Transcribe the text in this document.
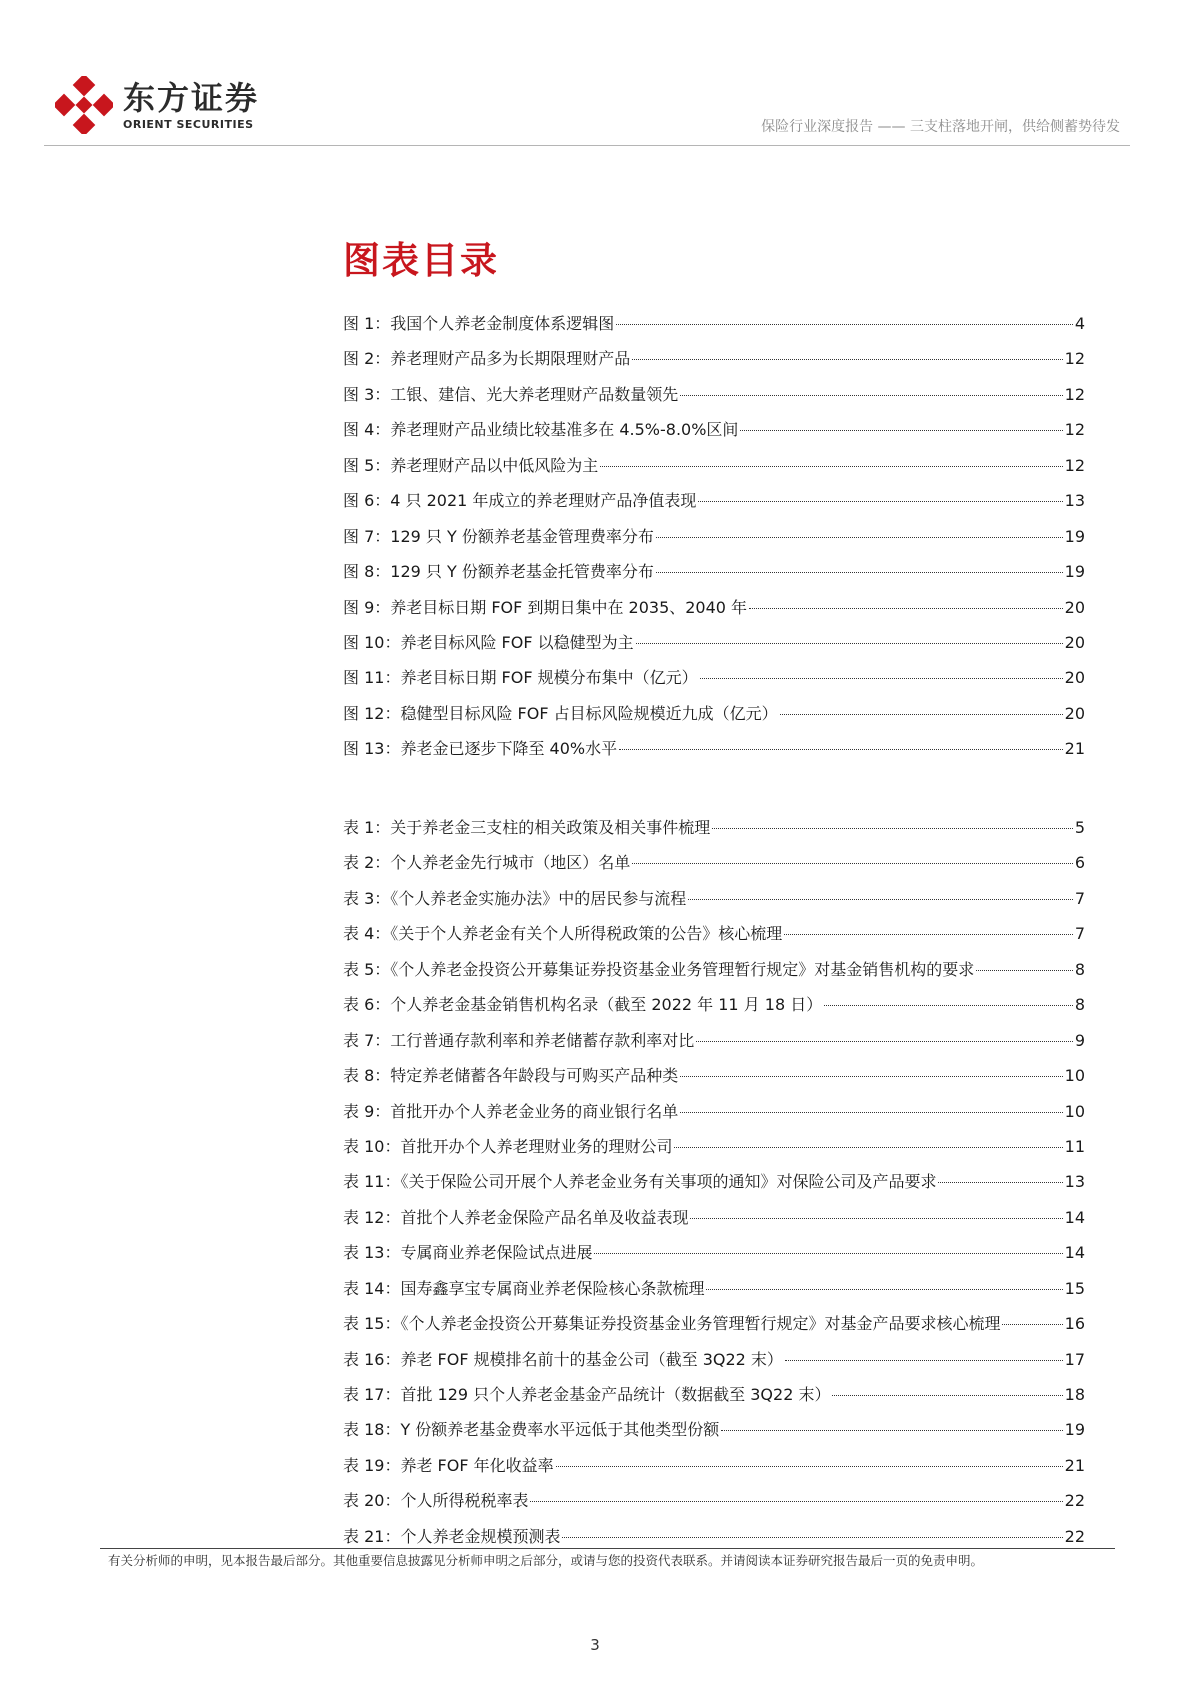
东方证券
ORIENT SECURITIES	保险行业深度报告 —— 三支柱落地开闸，供给侧蓄势待发
图表目录
图 1：我国个人养老金制度体系逻辑图	4
图 2：养老理财产品多为长期限理财产品	12
图 3：工银、建信、光大养老理财产品数量领先	12
图 4：养老理财产品业绩比较基准多在 4.5%-8.0%区间	12
图 5：养老理财产品以中低风险为主	12
图 6：4 只 2021 年成立的养老理财产品净值表现	13
图 7：129 只 Y 份额养老基金管理费率分布	19
图 8：129 只 Y 份额养老基金托管费率分布	19
图 9：养老目标日期 FOF 到期日集中在 2035、2040 年	20
图 10：养老目标风险 FOF 以稳健型为主	20
图 11：养老目标日期 FOF 规模分布集中（亿元）	20
图 12：稳健型目标风险 FOF 占目标风险规模近九成（亿元）	20
图 13：养老金已逐步下降至 40%水平	21
表 1：关于养老金三支柱的相关政策及相关事件梳理	5
表 2：个人养老金先行城市（地区）名单	6
表 3：《个人养老金实施办法》中的居民参与流程	7
表 4：《关于个人养老金有关个人所得税政策的公告》核心梳理	7
表 5：《个人养老金投资公开募集证券投资基金业务管理暂行规定》对基金销售机构的要求	8
表 6：个人养老金基金销售机构名录（截至 2022 年 11 月 18 日）	8
表 7：工行普通存款利率和养老储蓄存款利率对比	9
表 8：特定养老储蓄各年龄段与可购买产品种类	10
表 9：首批开办个人养老金业务的商业银行名单	10
表 10：首批开办个人养老理财业务的理财公司	11
表 11：《关于保险公司开展个人养老金业务有关事项的通知》对保险公司及产品要求	13
表 12：首批个人养老金保险产品名单及收益表现	14
表 13：专属商业养老保险试点进展	14
表 14：国寿鑫享宝专属商业养老保险核心条款梳理	15
表 15：《个人养老金投资公开募集证券投资基金业务管理暂行规定》对基金产品要求核心梳理	16
表 16：养老 FOF 规模排名前十的基金公司（截至 3Q22 末）	17
表 17：首批 129 只个人养老金基金产品统计（数据截至 3Q22 末）	18
表 18：Y 份额养老基金费率水平远低于其他类型份额	19
表 19：养老 FOF 年化收益率	21
表 20：个人所得税税率表	22
表 21：个人养老金规模预测表	22
有关分析师的申明，见本报告最后部分。其他重要信息披露见分析师申明之后部分，或请与您的投资代表联系。并请阅读本证券研究报告最后一页的免责申明。
3
